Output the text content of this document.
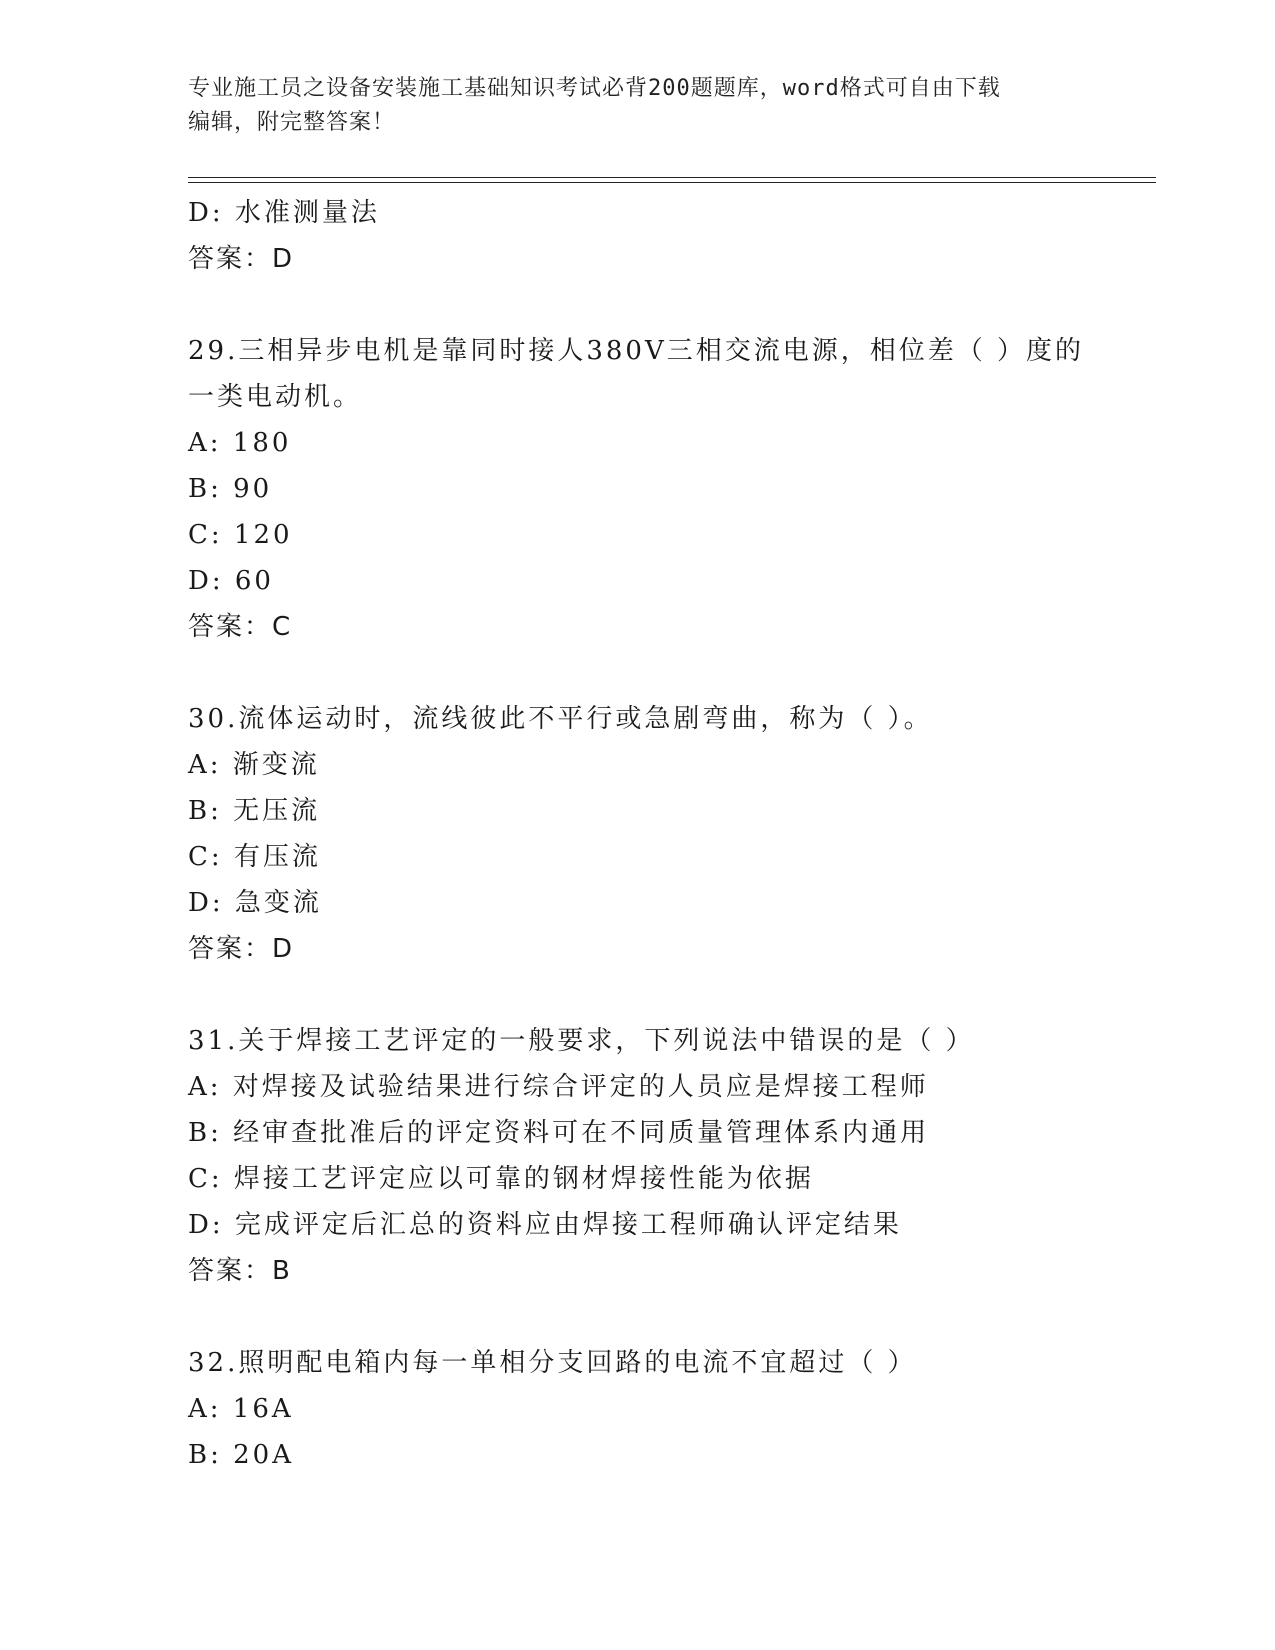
专业施工员之设备安装施工基础知识考试必背200题题库，word格式可自由下载
编辑，附完整答案！
D: 水准测量法
答案：D
29.三相异步电机是靠同时接人380V三相交流电源，相位差（ ）度的
一类电动机。
A: 180
B: 90
C: 120
D: 60
答案：C
30.流体运动时，流线彼此不平行或急剧弯曲，称为（ ）。
A: 渐变流
B: 无压流
C: 有压流
D: 急变流
答案：D
31.关于焊接工艺评定的一般要求，下列说法中错误的是（ ）
A: 对焊接及试验结果进行综合评定的人员应是焊接工程师
B: 经审查批准后的评定资料可在不同质量管理体系内通用
C: 焊接工艺评定应以可靠的钢材焊接性能为依据
D: 完成评定后汇总的资料应由焊接工程师确认评定结果
答案：B
32.照明配电箱内每一单相分支回路的电流不宜超过（ ）
A: 16A
B: 20A
